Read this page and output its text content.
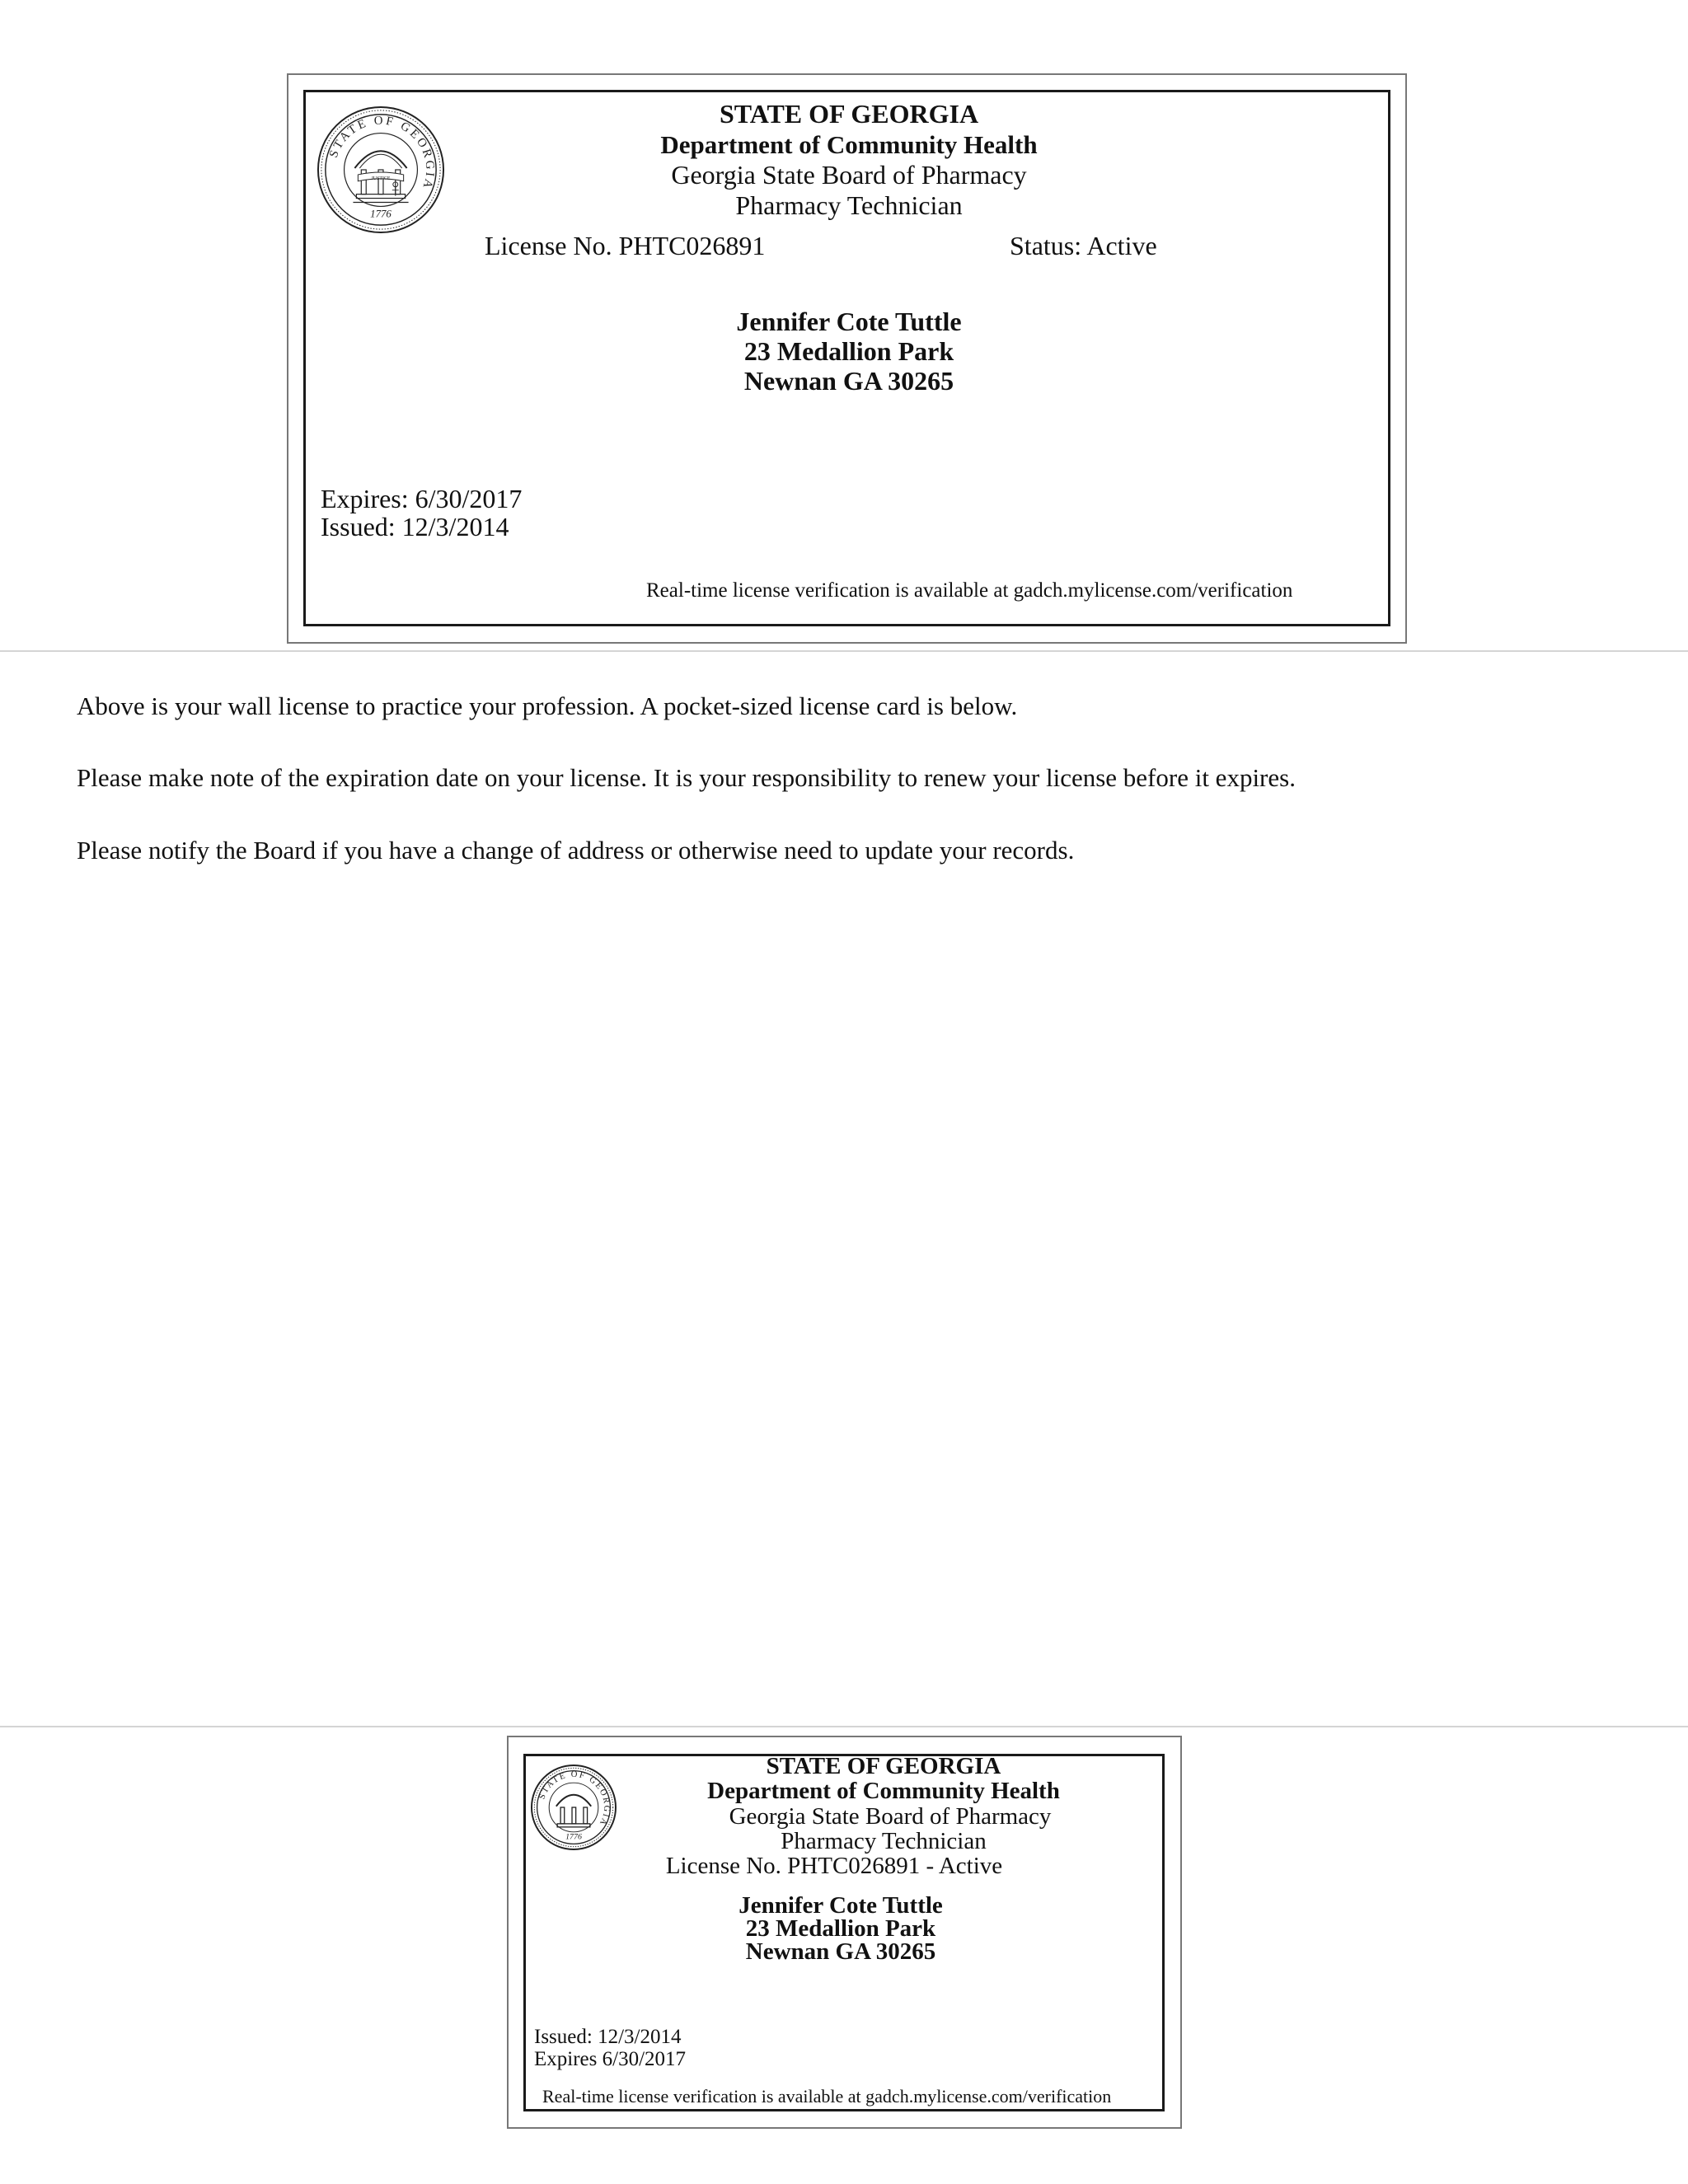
STATE OF GEORGIA
JUSTICE
1776
STATE OF GEORGIA
Department of Community Health
Georgia State Board of Pharmacy
Pharmacy Technician
License No. PHTC026891	Status: Active
Jennifer Cote Tuttle
23 Medallion Park
Newnan GA 30265
Expires: 6/30/2017
Issued: 12/3/2014
Real-time license verification is available at gadch.mylicense.com/verification
Above is your wall license to practice your profession. A pocket-sized license card is below.
Please make note of the expiration date on your license. It is your responsibility to renew your license before it expires.
Please notify the Board if you have a change of address or otherwise need to update your records.
STATE OF GEORGIA
1776
STATE OF GEORGIA
Department of Community Health
Georgia State Board of Pharmacy
Pharmacy Technician
License No. PHTC026891 - Active
Jennifer Cote Tuttle
23 Medallion Park
Newnan GA 30265
Issued: 12/3/2014
Expires 6/30/2017
Real-time license verification is available at gadch.mylicense.com/verification
